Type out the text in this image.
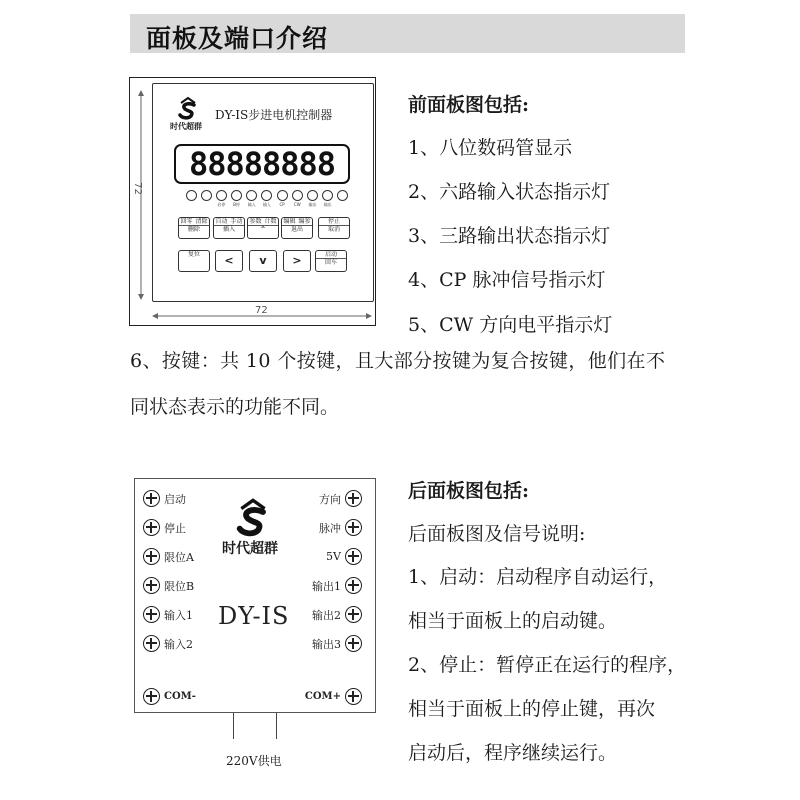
面板及端口介绍
72
72
时代超群
DY-IS步进电机控制器
88888888
启停 B停 输入 输入 CP CW 输出 输出
回零 清除
删除
自动 手动
插入
参数 计数
^
编辑 编参
退出
停止
取消
复位	<	v	>	启动
回车
前面板图包括:
1、八位数码管显示
2、六路输入状态指示灯
3、三路输出状态指示灯
4、CP 脉冲信号指示灯
5、CW 方向电平指示灯
6、按键：共 10 个按键，且大部分按键为复合按键，他们在不
同状态表示的功能不同。
时代超群
DY-IS
启动
停止
限位A
限位B
输入1
输入2
COM-
方向
脉冲
5V
输出1
输出2
输出3
COM+
220V供电
后面板图包括:
后面板图及信号说明:
1、启动：启动程序自动运行，
相当于面板上的启动键。
2、停止：暂停正在运行的程序，
相当于面板上的停止键，再次
启动后，程序继续运行。
